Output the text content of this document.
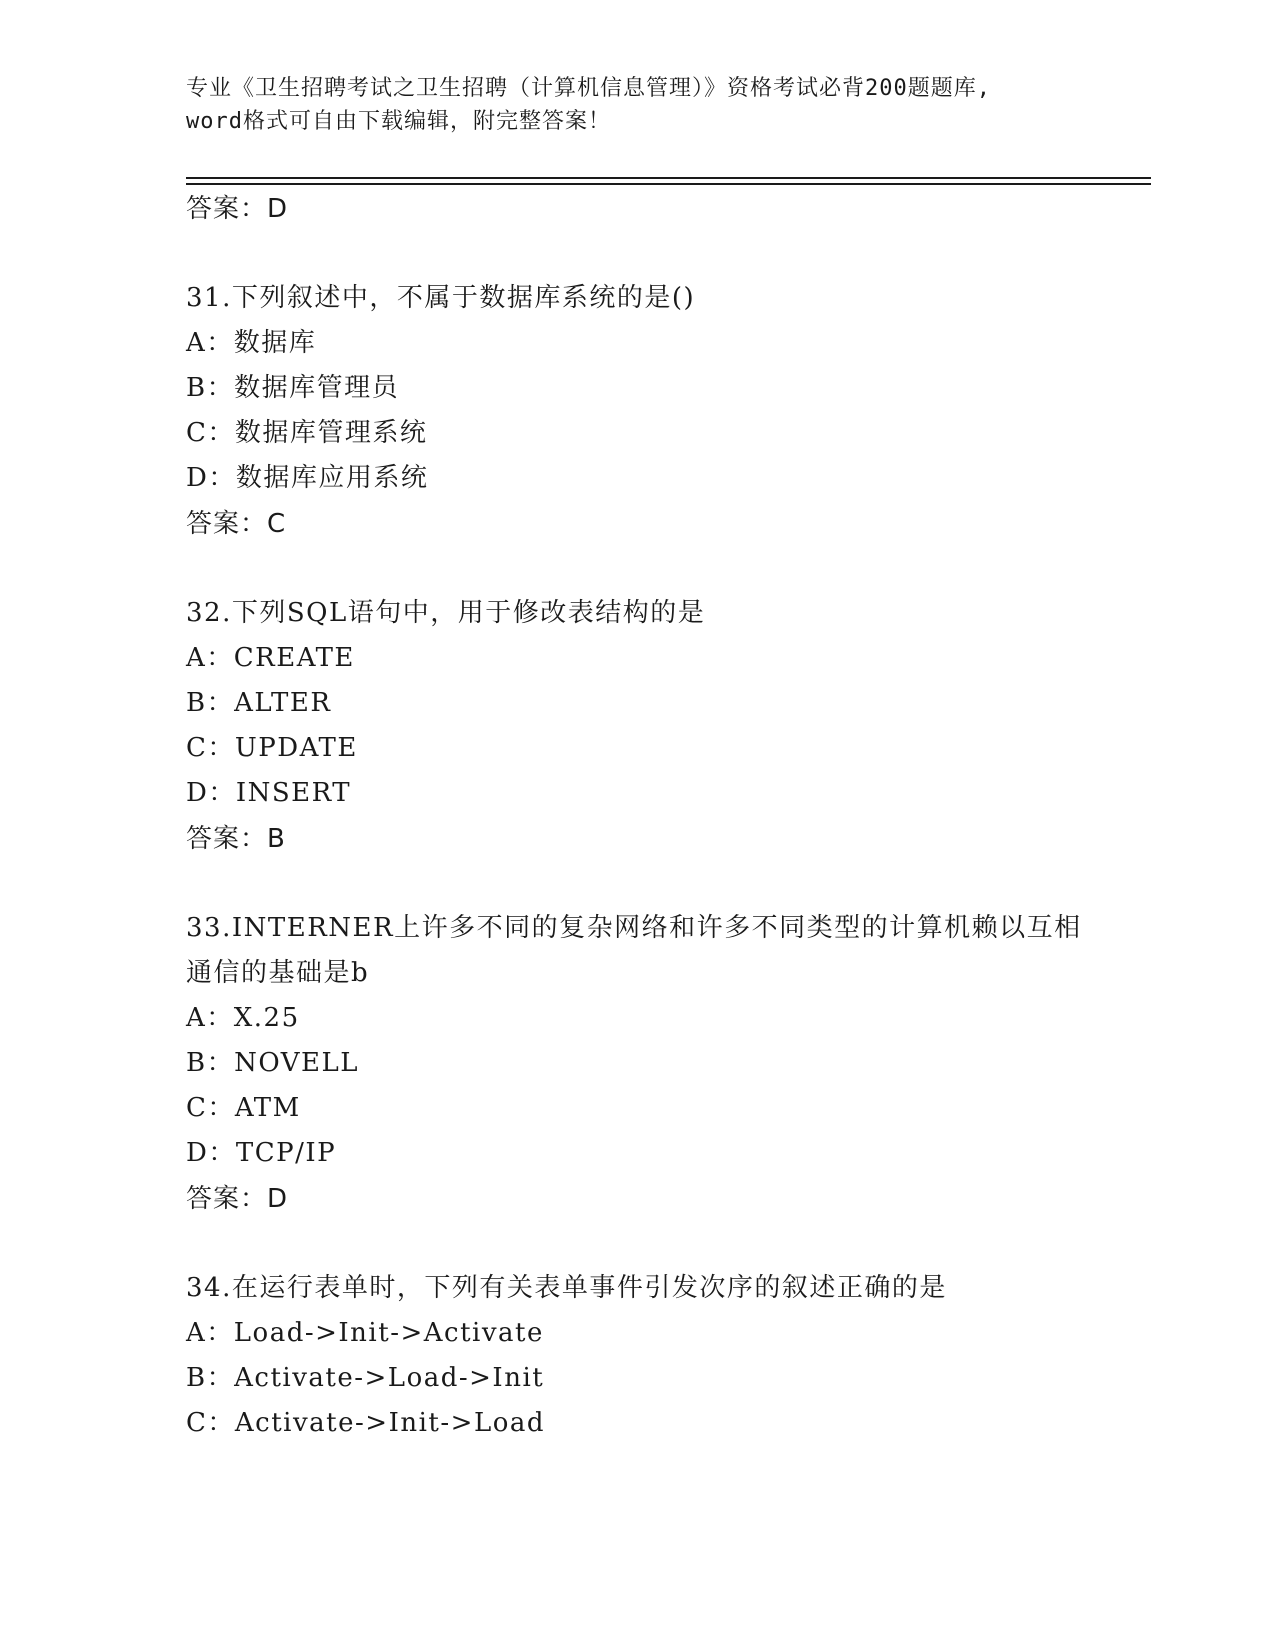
专业《卫生招聘考试之卫生招聘（计算机信息管理）》资格考试必背200题题库,
word格式可自由下载编辑，附完整答案！
答案：D
31.下列叙述中，不属于数据库系统的是()
A：数据库
B：数据库管理员
C：数据库管理系统
D：数据库应用系统
答案：C
32.下列SQL语句中，用于修改表结构的是
A：CREATE
B：ALTER
C：UPDATE
D：INSERT
答案：B
33.INTERNER上许多不同的复杂网络和许多不同类型的计算机赖以互相
通信的基础是b
A：X.25
B：NOVELL
C：ATM
D：TCP/IP
答案：D
34.在运行表单时，下列有关表单事件引发次序的叙述正确的是
A：Load->Init->Activate
B：Activate->Load->Init
C：Activate->Init->Load
